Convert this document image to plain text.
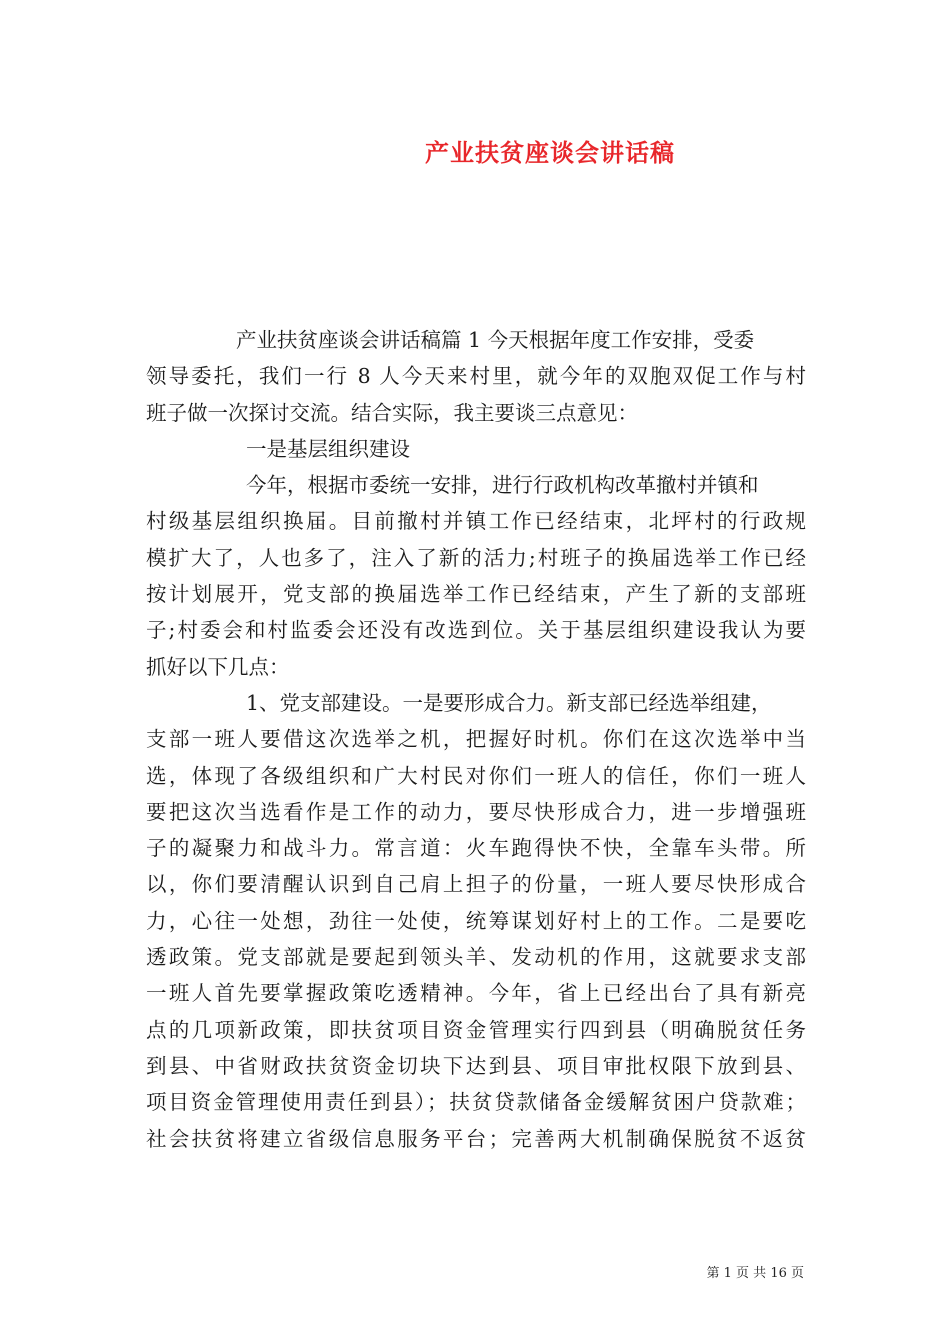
产业扶贫座谈会讲话稿
产业扶贫座谈会讲话稿篇 1 今天根据年度工作安排，受委
领导委托，我们一行 8 人今天来村里，就今年的双胞双促工作与村
班子做一次探讨交流。结合实际，我主要谈三点意见：
一是基层组织建设
今年，根据市委统一安排，进行行政机构改革撤村并镇和
村级基层组织换届。目前撤村并镇工作已经结束，北坪村的行政规
模扩大了，人也多了，注入了新的活力;村班子的换届选举工作已经
按计划展开，党支部的换届选举工作已经结束，产生了新的支部班
子;村委会和村监委会还没有改选到位。关于基层组织建设我认为要
抓好以下几点：
1、党支部建设。一是要形成合力。新支部已经选举组建，
支部一班人要借这次选举之机，把握好时机。你们在这次选举中当
选，体现了各级组织和广大村民对你们一班人的信任，你们一班人
要把这次当选看作是工作的动力，要尽快形成合力，进一步增强班
子的凝聚力和战斗力。常言道：火车跑得快不快，全靠车头带。所
以，你们要清醒认识到自己肩上担子的份量，一班人要尽快形成合
力，心往一处想，劲往一处使，统筹谋划好村上的工作。二是要吃
透政策。党支部就是要起到领头羊、发动机的作用，这就要求支部
一班人首先要掌握政策吃透精神。今年，省上已经出台了具有新亮
点的几项新政策，即扶贫项目资金管理实行四到县（明确脱贫任务
到县、中省财政扶贫资金切块下达到县、项目审批权限下放到县、
项目资金管理使用责任到县）；扶贫贷款储备金缓解贫困户贷款难；
社会扶贫将建立省级信息服务平台；完善两大机制确保脱贫不返贫
第 1 页 共 16 页
